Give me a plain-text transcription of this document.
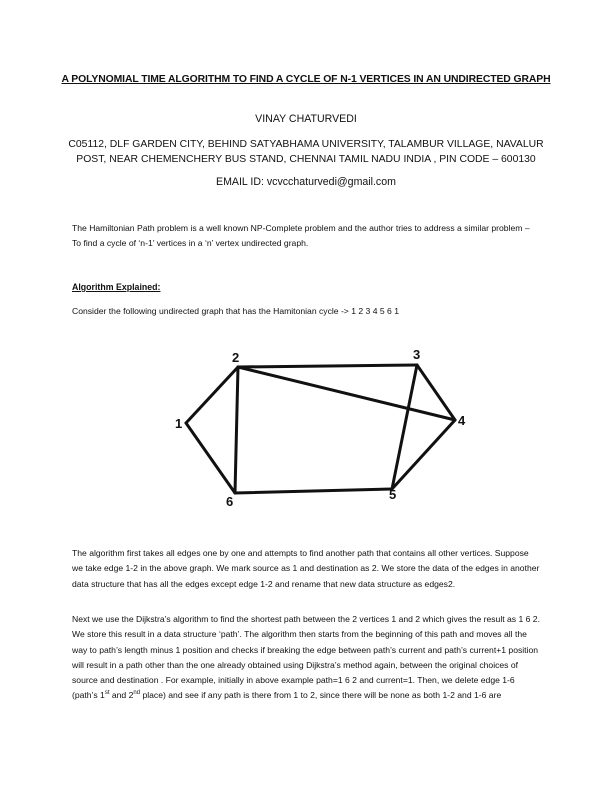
A POLYNOMIAL TIME ALGORITHM TO FIND A CYCLE OF N-1 VERTICES IN AN UNDIRECTED GRAPH
VINAY CHATURVEDI
C05112, DLF GARDEN CITY, BEHIND SATYABHAMA UNIVERSITY, TALAMBUR VILLAGE, NAVALUR POST, NEAR CHEMENCHERY BUS STAND, CHENNAI TAMIL NADU INDIA , PIN CODE – 600130
EMAIL ID: vcvcchaturvedi@gmail.com
The Hamiltonian Path problem is a well known NP-Complete problem and the author tries to address a similar problem – To find a cycle of ‘n-1’ vertices in a ‘n’ vertex undirected graph.
Algorithm Explained:
Consider the following undirected graph that has the Hamitonian cycle -> 1 2 3 4 5 6 1
1
2	3
4
5
6
The algorithm first takes all edges one by one and attempts to find another path that contains all other vertices. Suppose we take edge 1-2 in the above graph. We mark source as 1 and destination as 2. We store the data of the edges in another data structure that has all the edges except edge 1-2 and rename that new data structure as edges2.
Next we use the Dijkstra’s algorithm to find the shortest path between the 2 vertices 1 and 2 which gives the result as 1 6 2. We store this result in a data structure ‘path’. The algorithm then starts from the beginning of this path and moves all the way to path’s length minus 1 position and checks if breaking the edge between path’s current and path’s current+1 position will result in a path other than the one already obtained using Dijkstra’s method again, between the original choices of source and destination . For example, initially in above example path=1 6 2 and current=1. Then, we delete edge 1-6 (path’s 1st and 2nd place) and see if any path is there from 1 to 2, since there will be none as both 1-2 and 1-6 are
